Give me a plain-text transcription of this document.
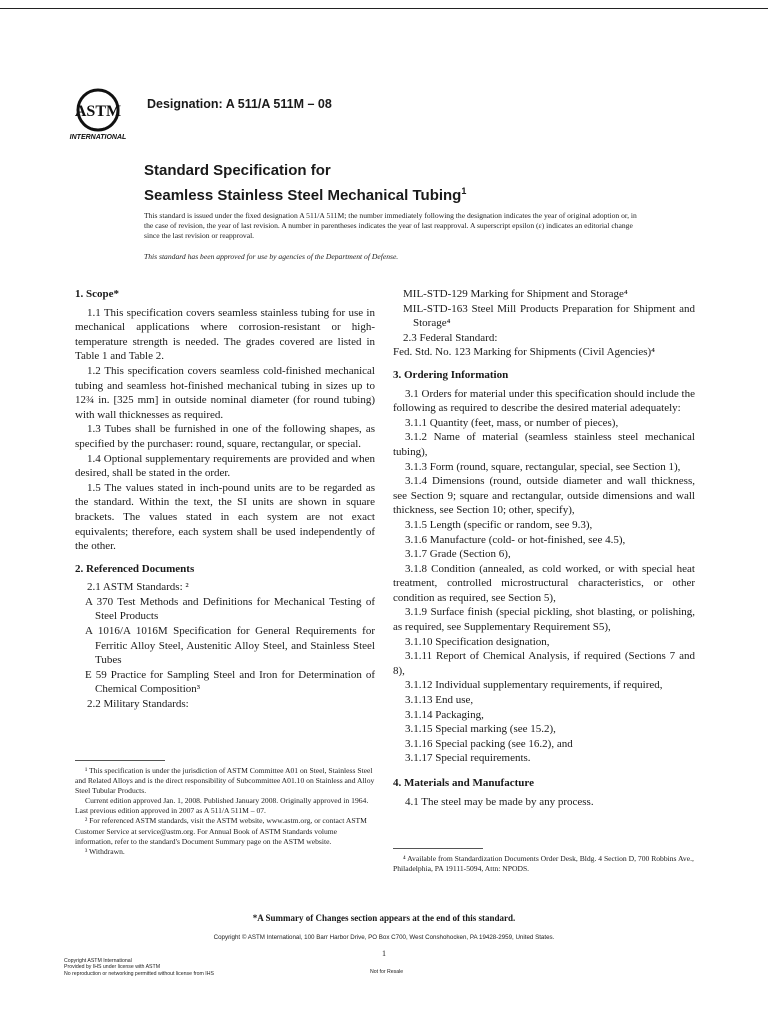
ASTM
INTERNATIONAL
Designation: A 511/A 511M – 08
Standard Specification for
Seamless Stainless Steel Mechanical Tubing$^1$
This standard is issued under the fixed designation A 511/A 511M; the number immediately following the designation indicates the year of original adoption or, in the case of revision, the year of last revision. A number in parentheses indicates the year of last reapproval. A superscript epsilon (ε) indicates an editorial change since the last revision or reapproval.
This standard has been approved for use by agencies of the Department of Defense.
1. Scope*

1.1 This specification covers seamless stainless tubing for use in mechanical applications where corrosion-resistant or high-temperature strength is needed. The grades covered are listed in Table 1 and Table 2.

1.2 This specification covers seamless cold-finished mechanical tubing and seamless hot-finished mechanical tubing in sizes up to 12¾ in. [325 mm] in outside nominal diameter (for round tubing) with wall thicknesses as required.

1.3 Tubes shall be furnished in one of the following shapes, as specified by the purchaser: round, square, rectangular, or special.

1.4 Optional supplementary requirements are provided and when desired, shall be stated in the order.

1.5 The values stated in inch-pound units are to be regarded as the standard. Within the text, the SI units are shown in square brackets. The values stated in each system are not exact equivalents; therefore, each system shall be used independently of the other.

2. Referenced Documents

2.1 ASTM Standards: ²

A 370 Test Methods and Definitions for Mechanical Testing of Steel Products

A 1016/A 1016M Specification for General Requirements for Ferritic Alloy Steel, Austenitic Alloy Steel, and Stainless Steel Tubes

E 59 Practice for Sampling Steel and Iron for Determination of Chemical Composition³

2.2 Military Standards:

¹ This specification is under the jurisdiction of ASTM Committee A01 on Steel, Stainless Steel and Related Alloys and is the direct responsibility of Subcommittee A01.10 on Stainless and Alloy Steel Tubular Products.
Current edition approved Jan. 1, 2008. Published January 2008. Originally approved in 1964. Last previous edition approved in 2007 as A 511/A 511M – 07.
² For referenced ASTM standards, visit the ASTM website, www.astm.org, or contact ASTM Customer Service at service@astm.org. For Annual Book of ASTM Standards volume information, refer to the standard's Document Summary page on the ASTM website.
³ Withdrawn.

MIL-STD-129 Marking for Shipment and Storage⁴

MIL-STD-163 Steel Mill Products Preparation for Shipment and Storage⁴

2.3 Federal Standard:

Fed. Std. No. 123 Marking for Shipments (Civil Agencies)⁴

3. Ordering Information

3.1 Orders for material under this specification should include the following as required to describe the desired material adequately:

3.1.1 Quantity (feet, mass, or number of pieces),

3.1.2 Name of material (seamless stainless steel mechanical tubing),

3.1.3 Form (round, square, rectangular, special, see Section 1),

3.1.4 Dimensions (round, outside diameter and wall thickness, see Section 9; square and rectangular, outside dimensions and wall thickness, see Section 10; other, specify),

3.1.5 Length (specific or random, see 9.3),

3.1.6 Manufacture (cold- or hot-finished, see 4.5),

3.1.7 Grade (Section 6),

3.1.8 Condition (annealed, as cold worked, or with special heat treatment, controlled microstructural characteristics, or other condition as required, see Section 5),

3.1.9 Surface finish (special pickling, shot blasting, or polishing, as required, see Supplementary Requirement S5),

3.1.10 Specification designation,

3.1.11 Report of Chemical Analysis, if required (Sections 7 and 8),

3.1.12 Individual supplementary requirements, if required,

3.1.13 End use,

3.1.14 Packaging,

3.1.15 Special marking (see 15.2),

3.1.16 Special packing (see 16.2), and

3.1.17 Special requirements.

4. Materials and Manufacture

4.1 The steel may be made by any process.

⁴ Available from Standardization Documents Order Desk, Bldg. 4 Section D, 700 Robbins Ave., Philadelphia, PA 19111-5094, Attn: NPODS.
*A Summary of Changes section appears at the end of this standard.
Copyright © ASTM International, 100 Barr Harbor Drive, PO Box C700, West Conshohocken, PA 19428-2959, United States.
1
Copyright ASTM International
Provided by IHS under license with ASTM
No reproduction or networking permitted without license from IHS	Not for Resale
